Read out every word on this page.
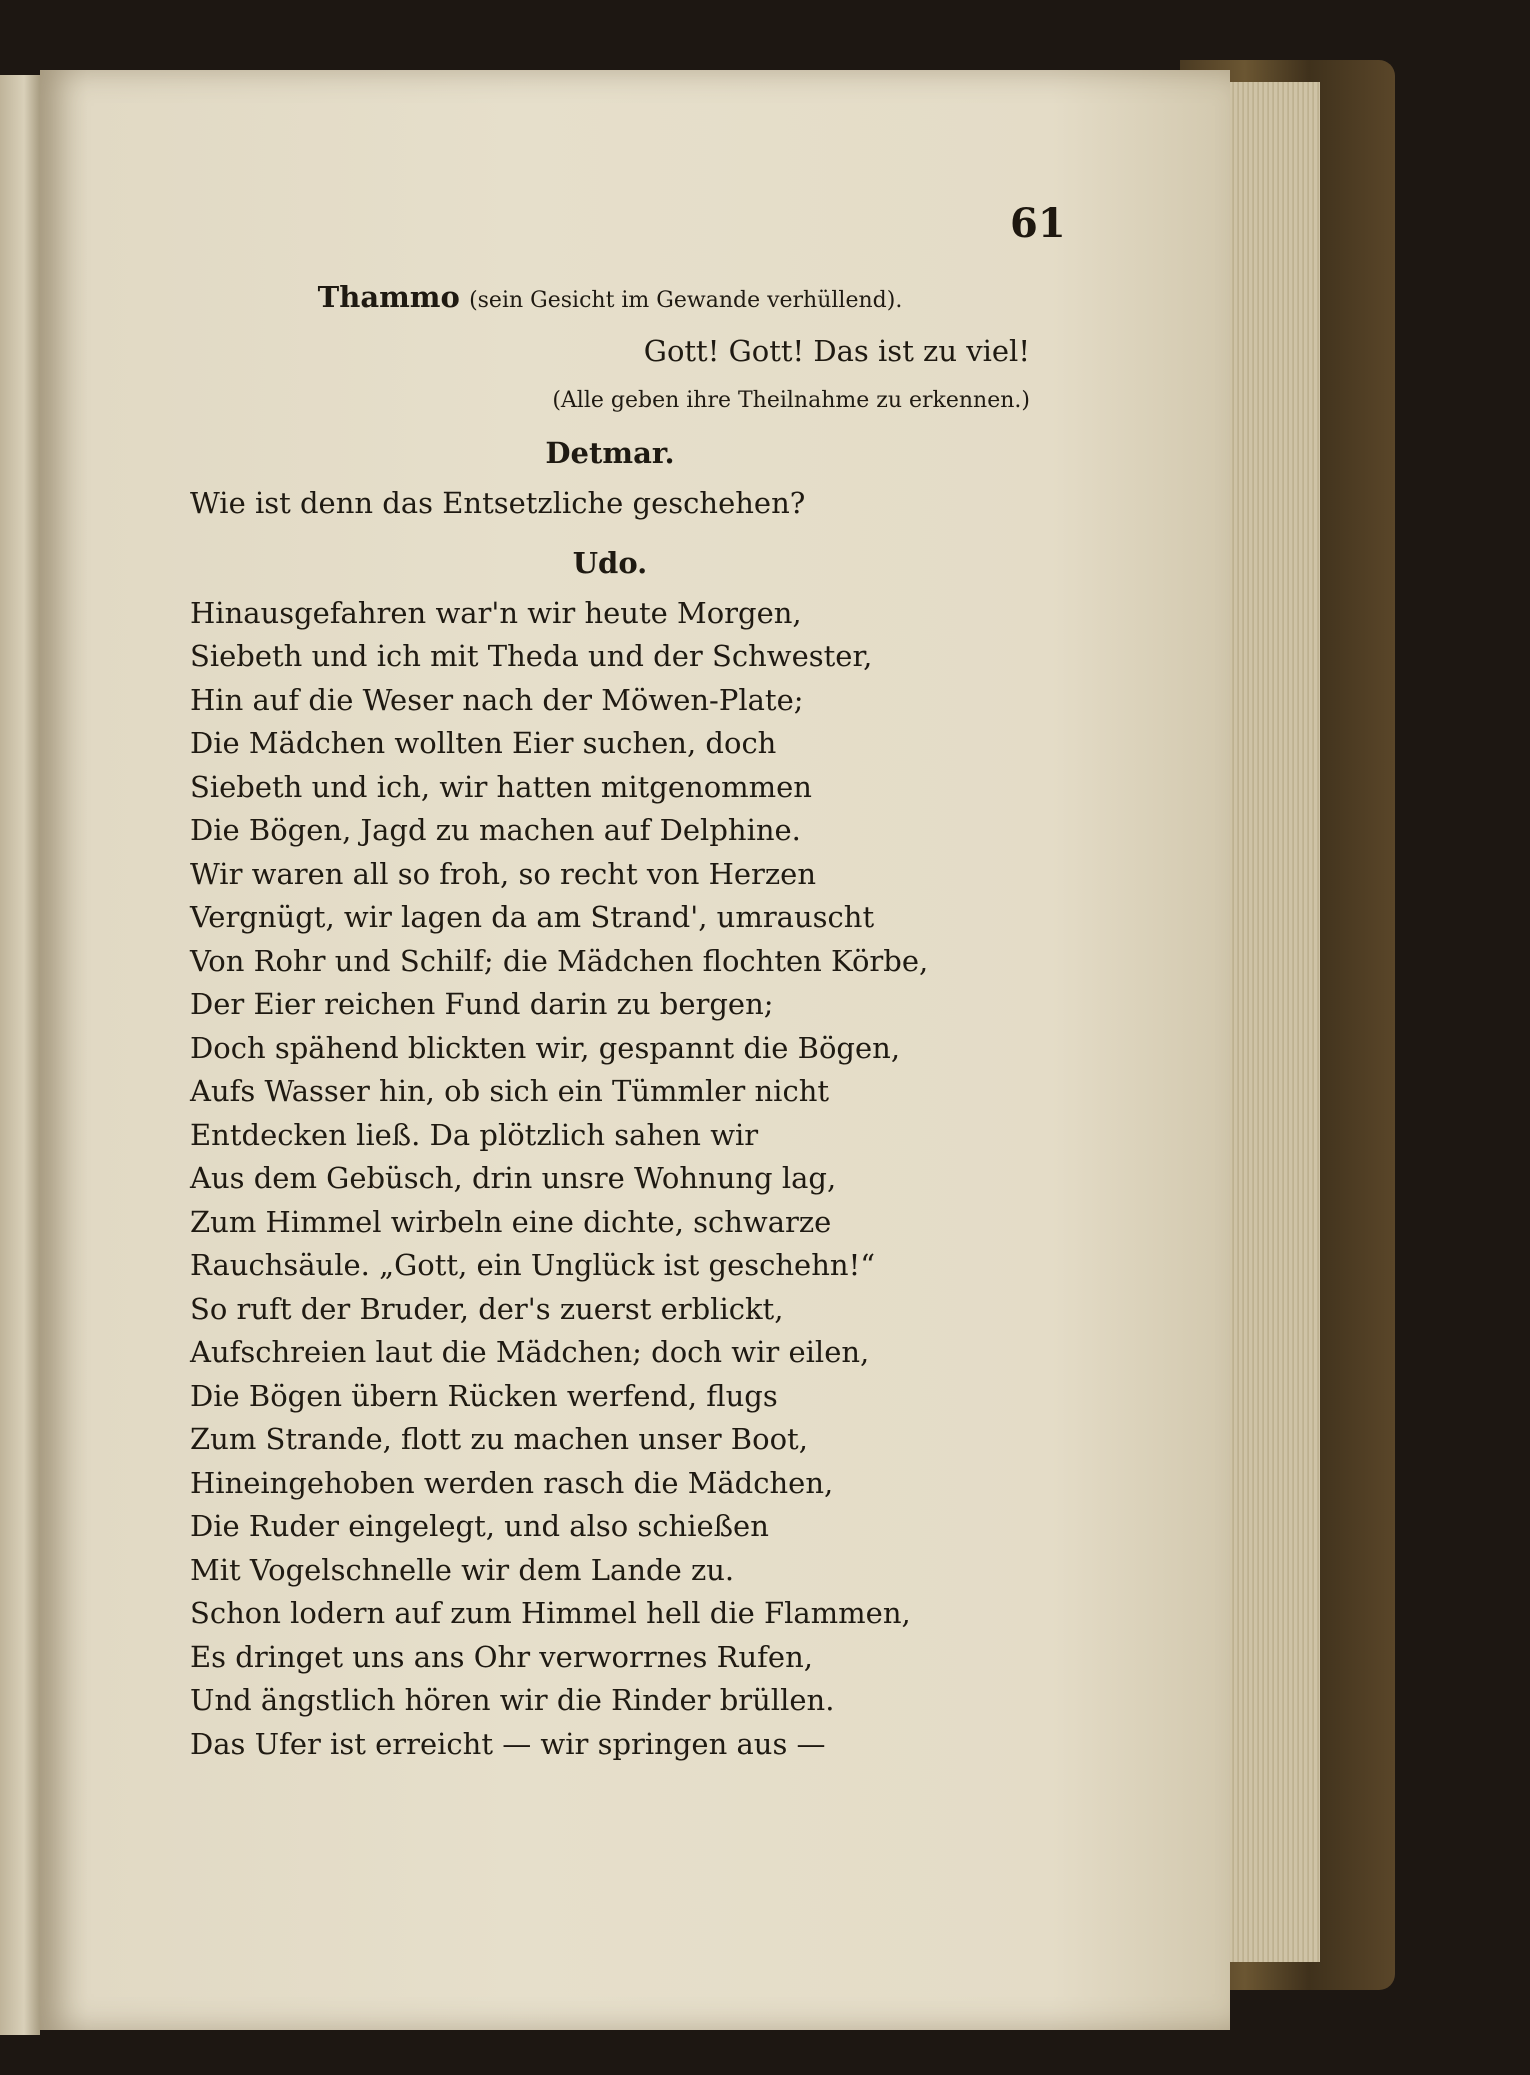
61
Thammo (sein Gesicht im Gewande verhüllend).
Gott! Gott! Das ist zu viel!
(Alle geben ihre Theilnahme zu erkennen.)
Detmar.
Wie ist denn das Entsetzliche geschehen?
Udo.
Hinausgefahren war'n wir heute Morgen,
Siebeth und ich mit Theda und der Schwester,
Hin auf die Weser nach der Möwen-Plate;
Die Mädchen wollten Eier suchen, doch
Siebeth und ich, wir hatten mitgenommen
Die Bögen, Jagd zu machen auf Delphine.
Wir waren all so froh, so recht von Herzen
Vergnügt, wir lagen da am Strand', umrauscht
Von Rohr und Schilf; die Mädchen flochten Körbe,
Der Eier reichen Fund darin zu bergen;
Doch spähend blickten wir, gespannt die Bögen,
Aufs Wasser hin, ob sich ein Tümmler nicht
Entdecken ließ. Da plötzlich sahen wir
Aus dem Gebüsch, drin unsre Wohnung lag,
Zum Himmel wirbeln eine dichte, schwarze
Rauchsäule. „Gott, ein Unglück ist geschehn!“
So ruft der Bruder, der's zuerst erblickt,
Aufschreien laut die Mädchen; doch wir eilen,
Die Bögen übern Rücken werfend, flugs
Zum Strande, flott zu machen unser Boot,
Hineingehoben werden rasch die Mädchen,
Die Ruder eingelegt, und also schießen
Mit Vogelschnelle wir dem Lande zu.
Schon lodern auf zum Himmel hell die Flammen,
Es dringet uns ans Ohr verworrnes Rufen,
Und ängstlich hören wir die Rinder brüllen.
Das Ufer ist erreicht — wir springen aus —
